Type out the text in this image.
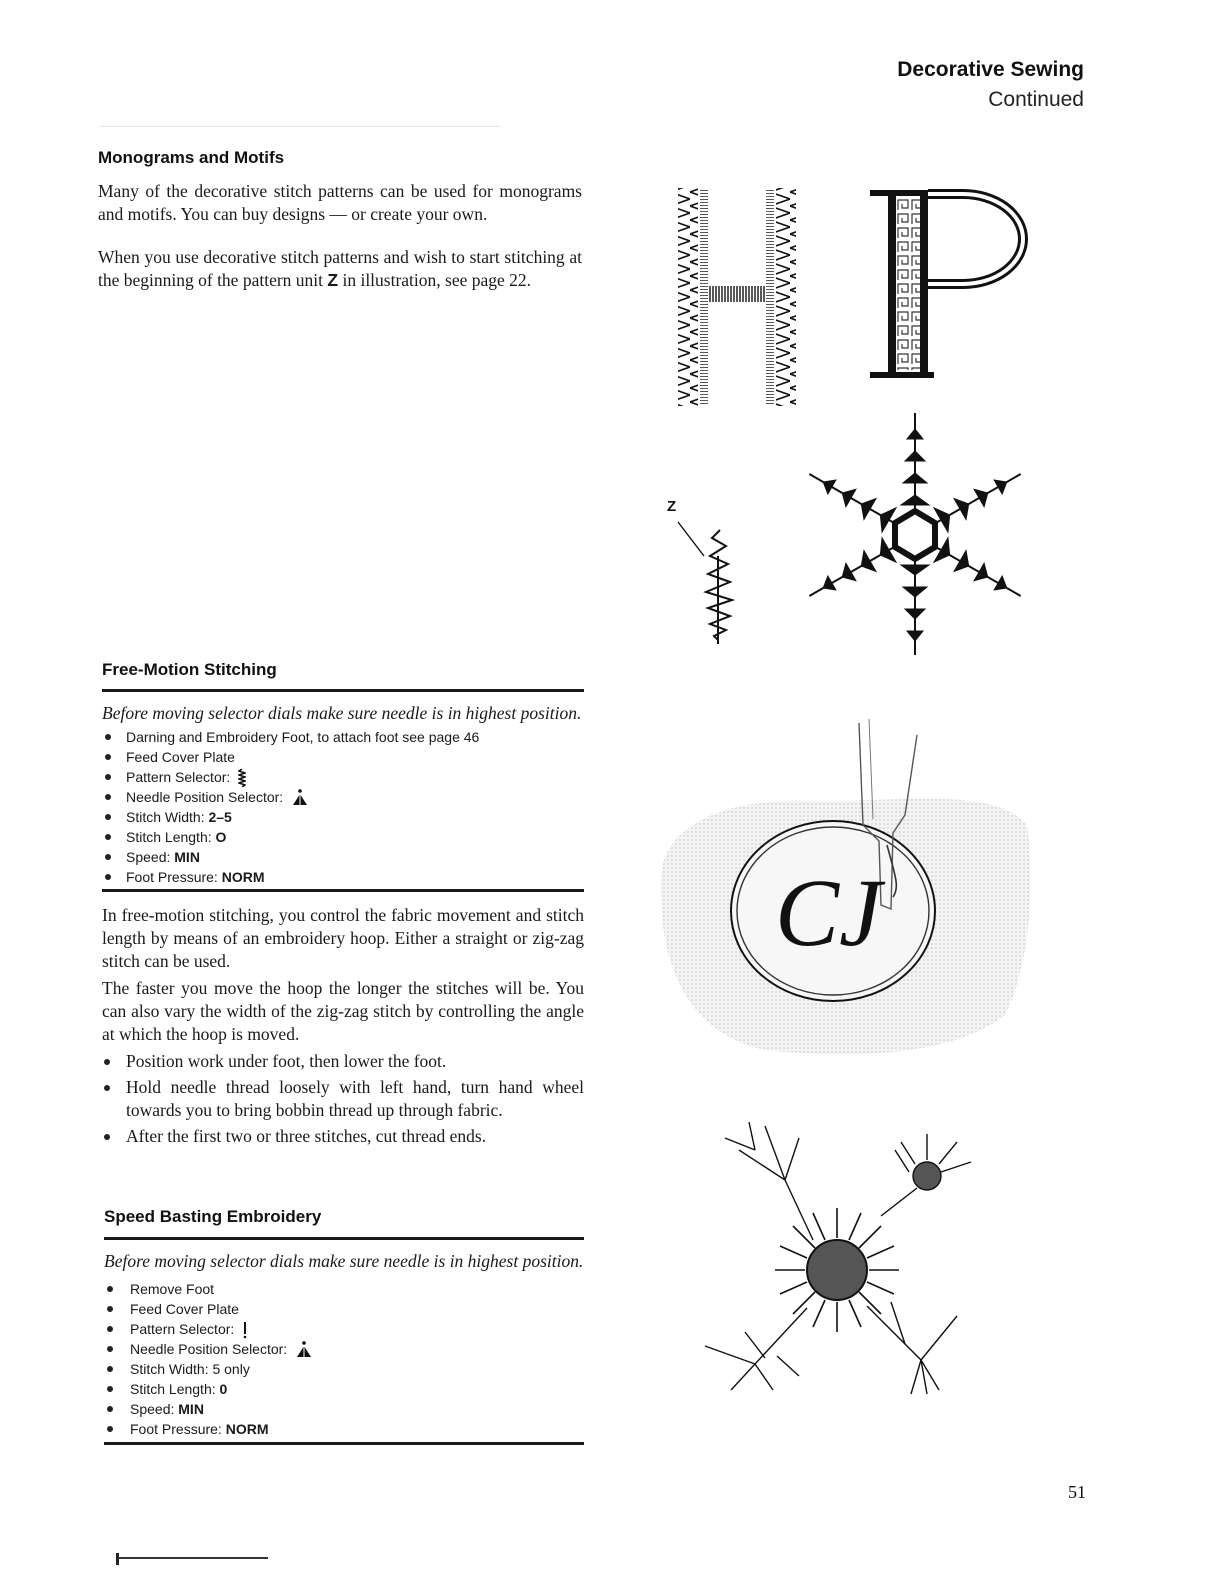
Decorative Sewing
Continued
Monograms and Motifs

Many of the decorative stitch patterns can be used for monograms and motifs. You can buy designs — or create your own.

When you use decorative stitch patterns and wish to start stitching at the beginning of the pattern unit Z in illustration, see page 22.

Free-Motion Stitching

Before moving selector dials make sure needle is in highest position.

Darning and Embroidery Foot, to attach foot see page 46
Feed Cover Plate
Pattern Selector:
Needle Position Selector:
Stitch Width: 2–5
Stitch Length: O
Speed: MIN
Foot Pressure: NORM

In free-motion stitching, you control the fabric movement and stitch length by means of an embroidery hoop. Either a straight or zig-zag stitch can be used.

The faster you move the hoop the longer the stitches will be. You can also vary the width of the zig-zag stitch by controlling the angle at which the hoop is moved.

Position work under foot, then lower the foot.
Hold needle thread loosely with left hand, turn hand wheel towards you to bring bobbin thread up through fabric.
After the first two or three stitches, cut thread ends.
Speed Basting Embroidery

Before moving selector dials make sure needle is in highest position.

Remove Foot
Feed Cover Plate
Pattern Selector:
Needle Position Selector:
Stitch Width: 5 only
Stitch Length: 0
Speed: MIN
Foot Pressure: NORM
Z
CJ
51
